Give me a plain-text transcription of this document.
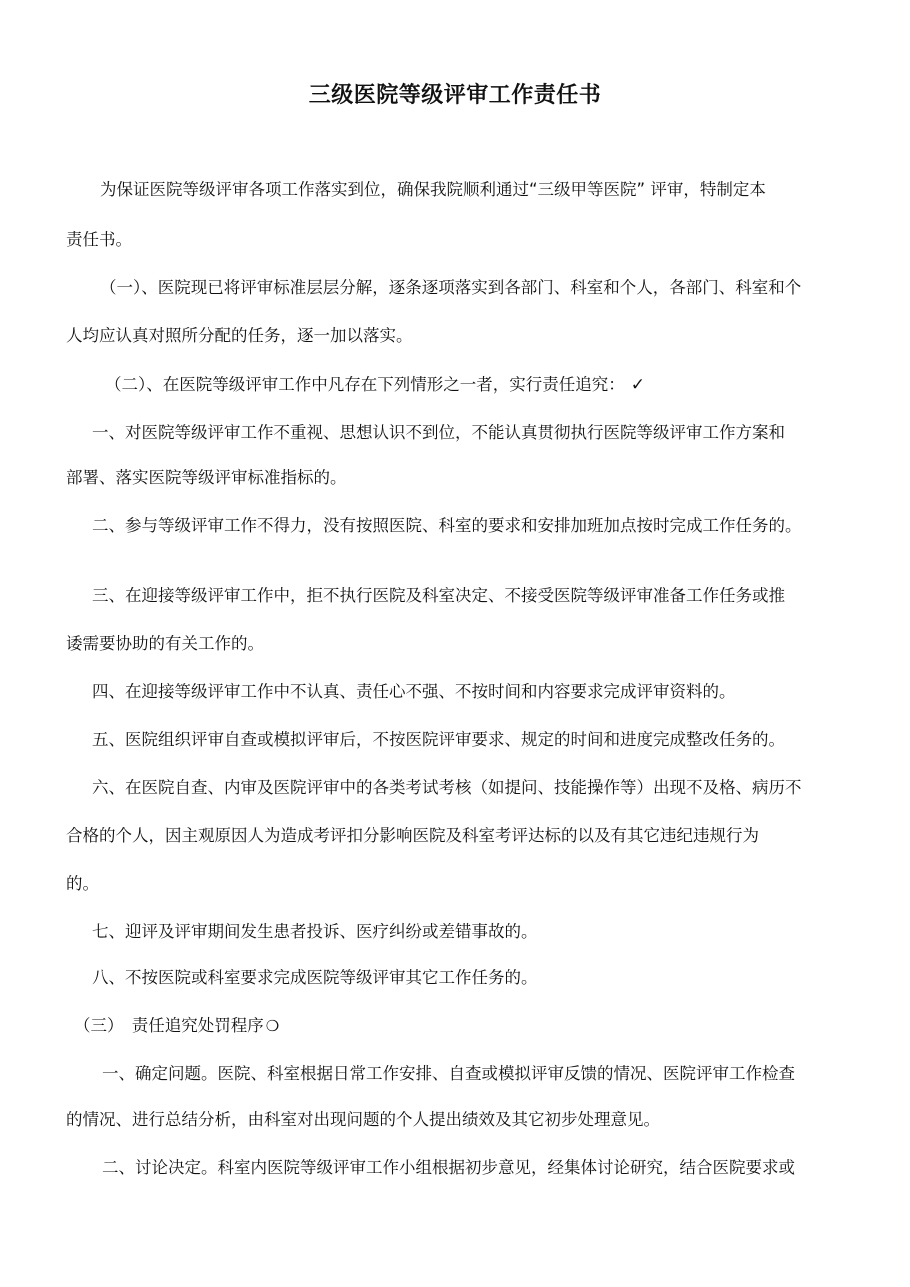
三级医院等级评审工作责任书
为保证医院等级评审各项工作落实到位，确保我院顺利通过“三级甲等医院” 评审，特制定本
责任书。
（一）、医院现已将评审标准层层分解，逐条逐项落实到各部门、科室和个人，各部门、科室和个
人均应认真对照所分配的任务，逐一加以落实。
（二）、在医院等级评审工作中凡存在下列情形之一者，实行责任追究： ✓
一、对医院等级评审工作不重视、思想认识不到位，不能认真贯彻执行医院等级评审工作方案和
部署、落实医院等级评审标准指标的。
二、参与等级评审工作不得力，没有按照医院、科室的要求和安排加班加点按时完成工作任务的。
三、在迎接等级评审工作中，拒不执行医院及科室决定、不接受医院等级评审准备工作任务或推
诿需要协助的有关工作的。
四、在迎接等级评审工作中不认真、责任心不强、不按时间和内容要求完成评审资料的。
五、医院组织评审自查或模拟评审后，不按医院评审要求、规定的时间和进度完成整改任务的。
六、在医院自查、内审及医院评审中的各类考试考核（如提问、技能操作等）出现不及格、病历不
合格的个人，因主观原因人为造成考评扣分影响医院及科室考评达标的以及有其它违纪违规行为
的。
七、迎评及评审期间发生患者投诉、医疗纠纷或差错事故的。
八、不按医院或科室要求完成医院等级评审其它工作任务的。
（三）　责任追究处罚程序 ❍
一、确定问题。医院、科室根据日常工作安排、自查或模拟评审反馈的情况、医院评审工作检查
的情况、进行总结分析，由科室对出现问题的个人提出绩效及其它初步处理意见。
二、讨论决定。科室内医院等级评审工作小组根据初步意见，经集体讨论研究，结合医院要求或
